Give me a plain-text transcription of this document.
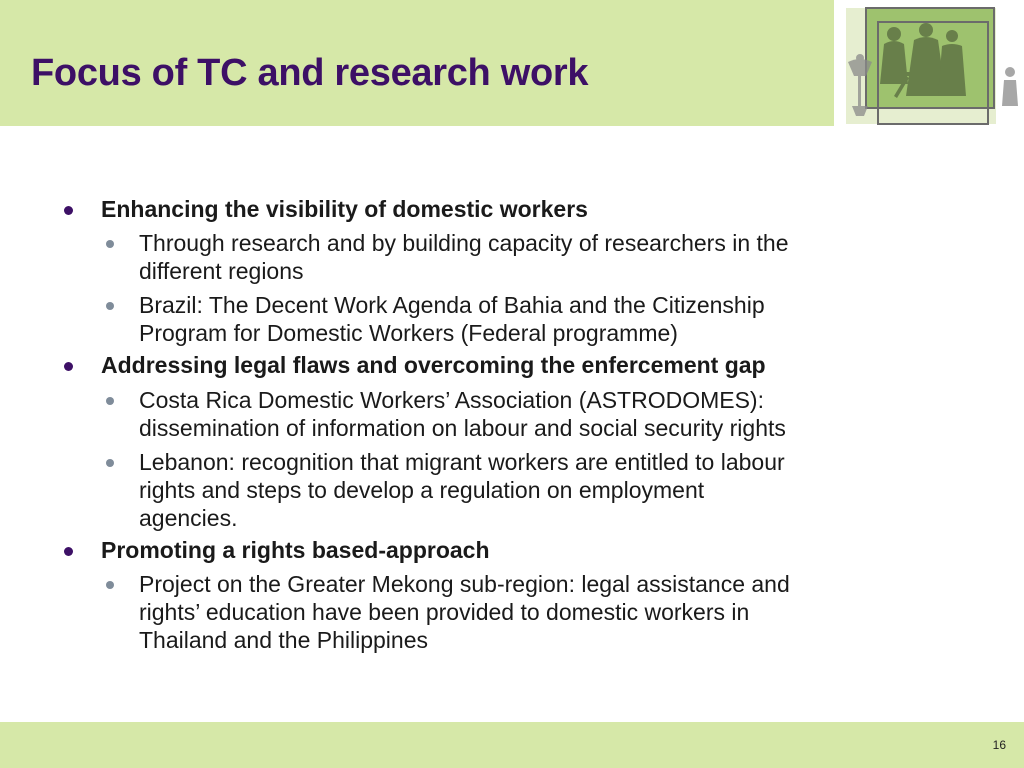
Focus of TC and research work
Enhancing the visibility of domestic workers
Through research and by building capacity of researchers in the
different regions
Brazil: The Decent Work Agenda of Bahia and the Citizenship
Program for Domestic Workers (Federal programme)
Addressing legal flaws and overcoming the enfercement gap
Costa Rica Domestic Workers’ Association (ASTRODOMES):
dissemination of information on labour and social security rights
Lebanon: recognition that migrant workers are entitled to labour
rights and steps to develop a regulation on employment
agencies.
Promoting a rights based-approach
Project on the Greater Mekong sub-region: legal assistance and
rights’ education have been provided to domestic workers in
Thailand and the Philippines
16
